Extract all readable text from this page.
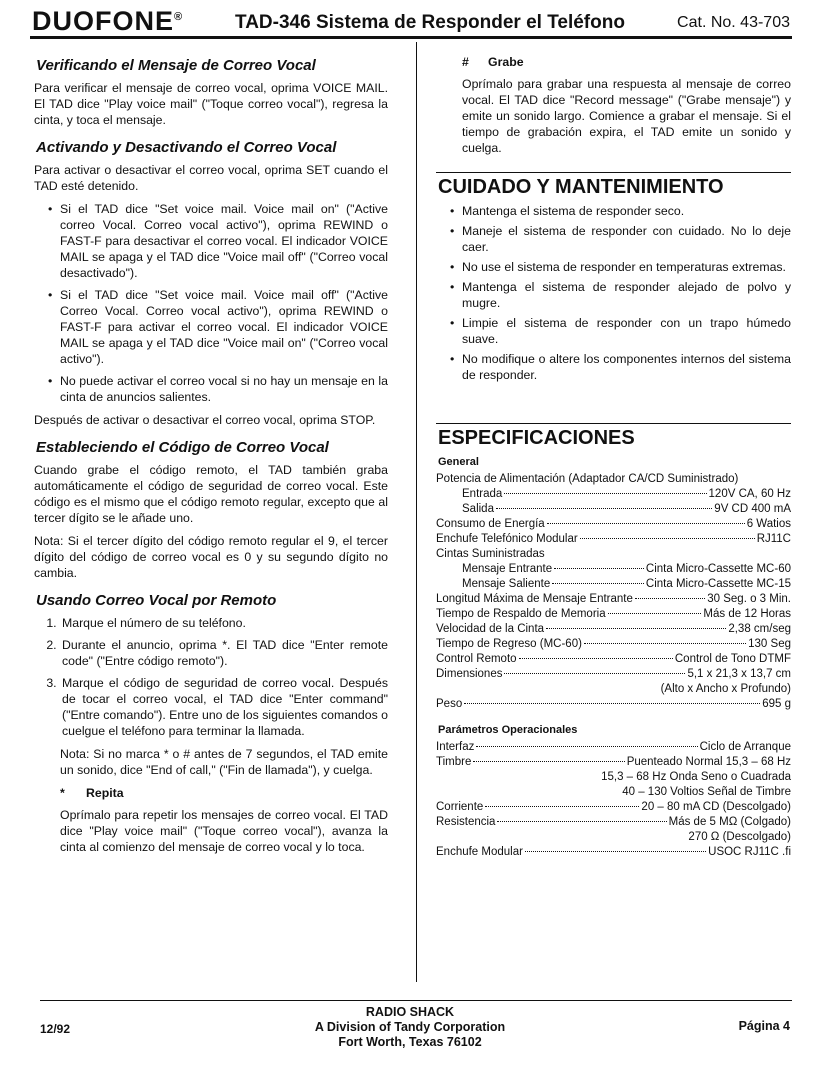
DUOFONE®	TAD-346 Sistema de Responder el Teléfono	Cat. No. 43-703
Verificando el Mensaje de Correo Vocal

Para verificar el mensaje de correo vocal, oprima VOICE MAIL. El TAD dice "Play voice mail" ("Toque correo vocal"), regresa la cinta, y toca el mensaje.

Activando y Desactivando el Correo Vocal

Para activar o desactivar el correo vocal, oprima SET cuando el TAD esté detenido.

• Si el TAD dice "Set voice mail. Voice mail on" ("Active correo Vocal. Correo vocal activo"), oprima REWIND o FAST-F para desactivar el correo vocal. El indicador VOICE MAIL se apaga y el TAD dice "Voice mail off" ("Correo vocal desactivado").
• Si el TAD dice "Set voice mail. Voice mail off" ("Active Correo Vocal. Correo vocal activo"), oprima REWIND o FAST-F para activar el correo vocal. El indicador VOICE MAIL se apaga y el TAD dice "Voice mail on" ("Correo vocal activo").
• No puede activar el correo vocal si no hay un mensaje en la cinta de anuncios salientes.

Después de activar o desactivar el correo vocal, oprima STOP.

Estableciendo el Código de Correo Vocal

Cuando grabe el código remoto, el TAD también graba automáticamente el código de seguridad de correo vocal. Este código es el mismo que el código remoto regular, excepto que al tercer dígito se le añade uno.

Nota: Si el tercer dígito del código remoto regular el 9, el tercer dígito del código de correo vocal es 0 y su segundo dígito no cambia.

Usando Correo Vocal por Remoto
1. Marque el número de su teléfono.
2. Durante el anuncio, oprima *. El TAD dice "Enter remote code" ("Entre código remoto").
3. Marque el código de seguridad de correo vocal. Después de tocar el correo vocal, el TAD dice "Enter command" ("Entre comando"). Entre uno de los siguientes comandos o cuelgue el teléfono para terminar la llamada.

Nota: Si no marca * o # antes de 7 segundos, el TAD emite un sonido, dice "End of call," ("Fin de llamada"), y cuelga.

*	Repita

Oprímalo para repetir los mensajes de correo vocal. El TAD dice "Play voice mail" ("Toque correo vocal"), avanza la cinta al comienzo del mensaje de correo vocal y lo toca.

#	Grabe

Oprímalo para grabar una respuesta al mensaje de correo vocal. El TAD dice "Record message" ("Grabe mensaje") y emite un sonido largo. Comience a grabar el mensaje. Si el tiempo de grabación expira, el TAD emite un sonido y cuelga.

CUIDADO Y MANTENIMIENTO
• Mantenga el sistema de responder seco.
• Maneje el sistema de responder con cuidado. No lo deje caer.
• No use el sistema de responder en temperaturas extremas.
• Mantenga el sistema de responder alejado de polvo y mugre.
• Limpie el sistema de responder con un trapo húmedo suave.
• No modifique o altere los componentes internos del sistema de responder.
ESPECIFICACIONES
General
Potencia de Alimentación (Adaptador CA/CD Suministrado)
Entrada	120V CA, 60 Hz
Salida	9V CD 400 mA
Consumo de Energía	6 Watios
Enchufe Telefónico Modular	RJ11C
Cintas Suministradas
Mensaje Entrante	Cinta Micro-Cassette MC-60
Mensaje Saliente	Cinta Micro-Cassette MC-15
Longitud Máxima de Mensaje Entrante	30 Seg. o 3 Min.
Tiempo de Respaldo de Memoria	Más de 12 Horas
Velocidad de la Cinta	2,38 cm/seg
Tiempo de Regreso (MC-60)	130 Seg
Control Remoto	Control de Tono DTMF
Dimensiones	5,1 x 21,3 x 13,7 cm
(Alto x Ancho x Profundo)
Peso	695 g
Parámetros Operacionales
Interfaz	Ciclo de Arranque
Timbre	Puenteado Normal 15,3 – 68 Hz
15,3 – 68 Hz Onda Seno o Cuadrada
40 – 130 Voltios Señal de Timbre
Corriente	20 – 80 mA CD (Descolgado)
Resistencia	Más de 5 MΩ (Colgado)
270 Ω (Descolgado)
Enchufe Modular	USOC RJ11C .fi
12/92
RADIO SHACK
A Division of Tandy Corporation
Fort Worth, Texas 76102
Página 4
